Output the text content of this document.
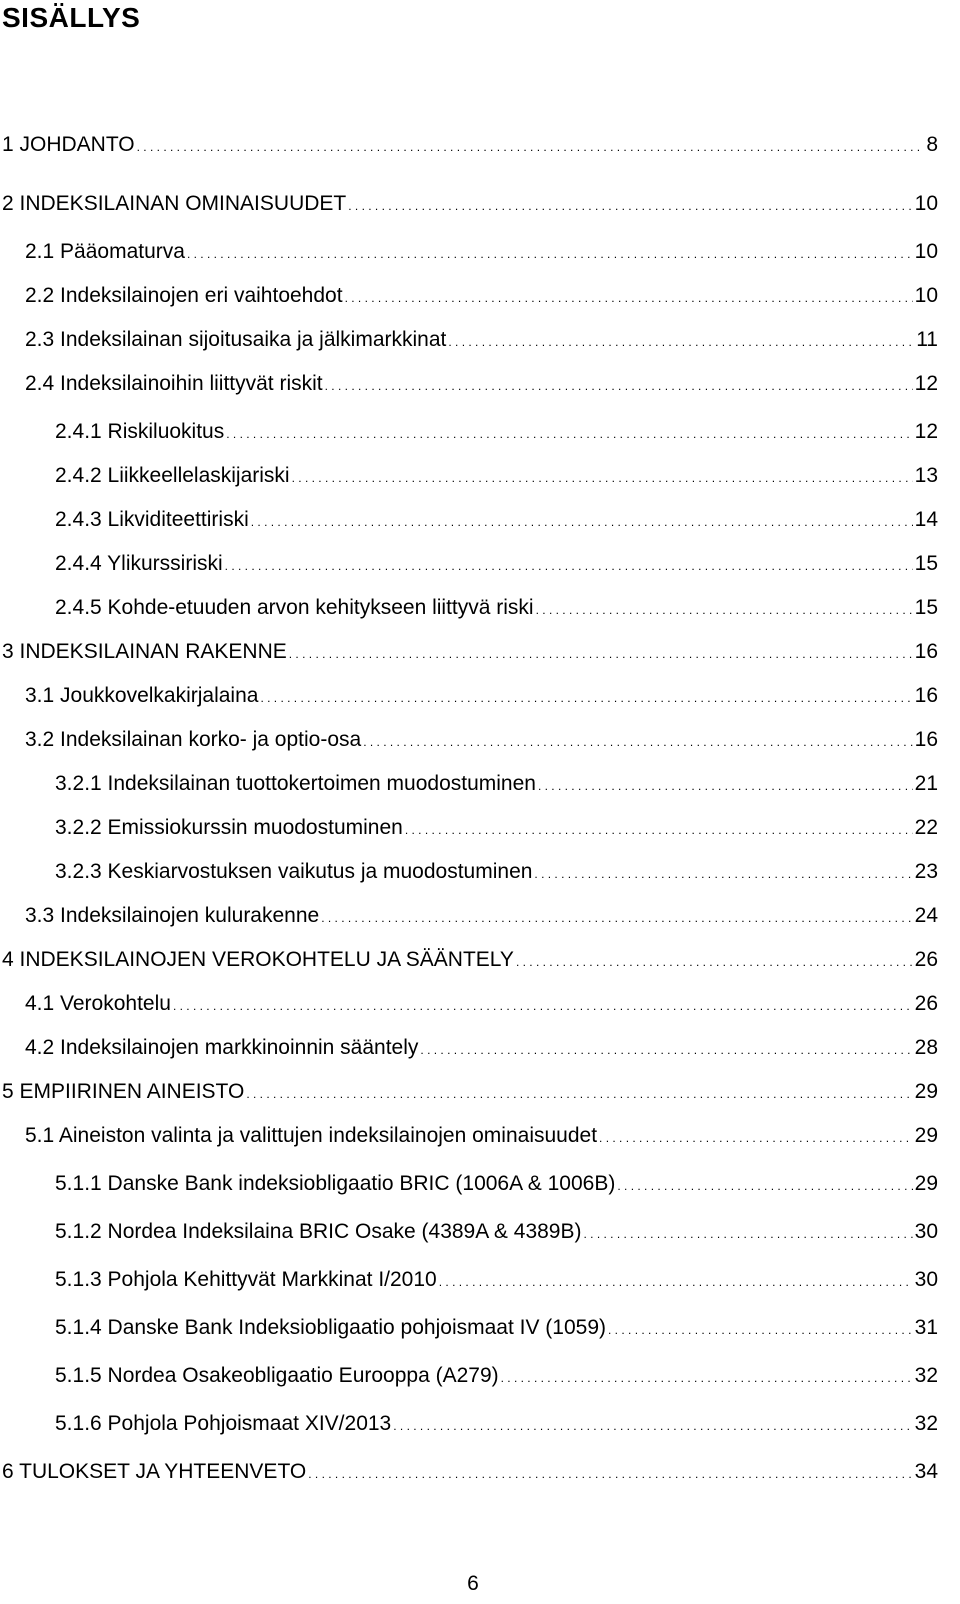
SISÄLLYS
1 JOHDANTO . . .	8
2 INDEKSILAINAN OMINAISUUDET . . .	10
2.1 Pääomaturva . . .	10
2.2 Indeksilainojen eri vaihtoehdot . . .	10
2.3 Indeksilainan sijoitusaika ja jälkimarkkinat . . .	11
2.4 Indeksilainoihin liittyvät riskit . . .	12
2.4.1 Riskiluokitus . . .	12
2.4.2 Liikkeellelaskijariski . . .	13
2.4.3 Likviditeettiriski . . .	14
2.4.4 Ylikurssiriski . . .	15
2.4.5 Kohde-etuuden arvon kehitykseen liittyvä riski . . .	15
3 INDEKSILAINAN RAKENNE . . .	16
3.1 Joukkovelkakirjalaina . . .	16
3.2 Indeksilainan korko- ja optio-osa . . .	16
3.2.1 Indeksilainan tuottokertoimen muodostuminen . . .	21
3.2.2 Emissiokurssin muodostuminen . . .	22
3.2.3 Keskiarvostuksen vaikutus ja muodostuminen . . .	23
3.3 Indeksilainojen kulurakenne . . .	24
4 INDEKSILAINOJEN VEROKOHTELU JA SÄÄNTELY . . .	26
4.1 Verokohtelu . . .	26
4.2 Indeksilainojen markkinoinnin sääntely . . .	28
5 EMPIIRINEN AINEISTO . . .	29
5.1 Aineiston valinta ja valittujen indeksilainojen ominaisuudet . . .	29
5.1.1 Danske Bank indeksiobligaatio BRIC (1006A & 1006B) . . .	29
5.1.2 Nordea Indeksilaina BRIC Osake (4389A & 4389B) . . .	30
5.1.3 Pohjola Kehittyvät Markkinat I/2010 . . .	30
5.1.4 Danske Bank Indeksiobligaatio pohjoismaat IV (1059) . . .	31
5.1.5 Nordea Osakeobligaatio Eurooppa (A279) . . .	32
5.1.6 Pohjola Pohjoismaat XIV/2013 . . .	32
6 TULOKSET JA YHTEENVETO . . .	34

6
